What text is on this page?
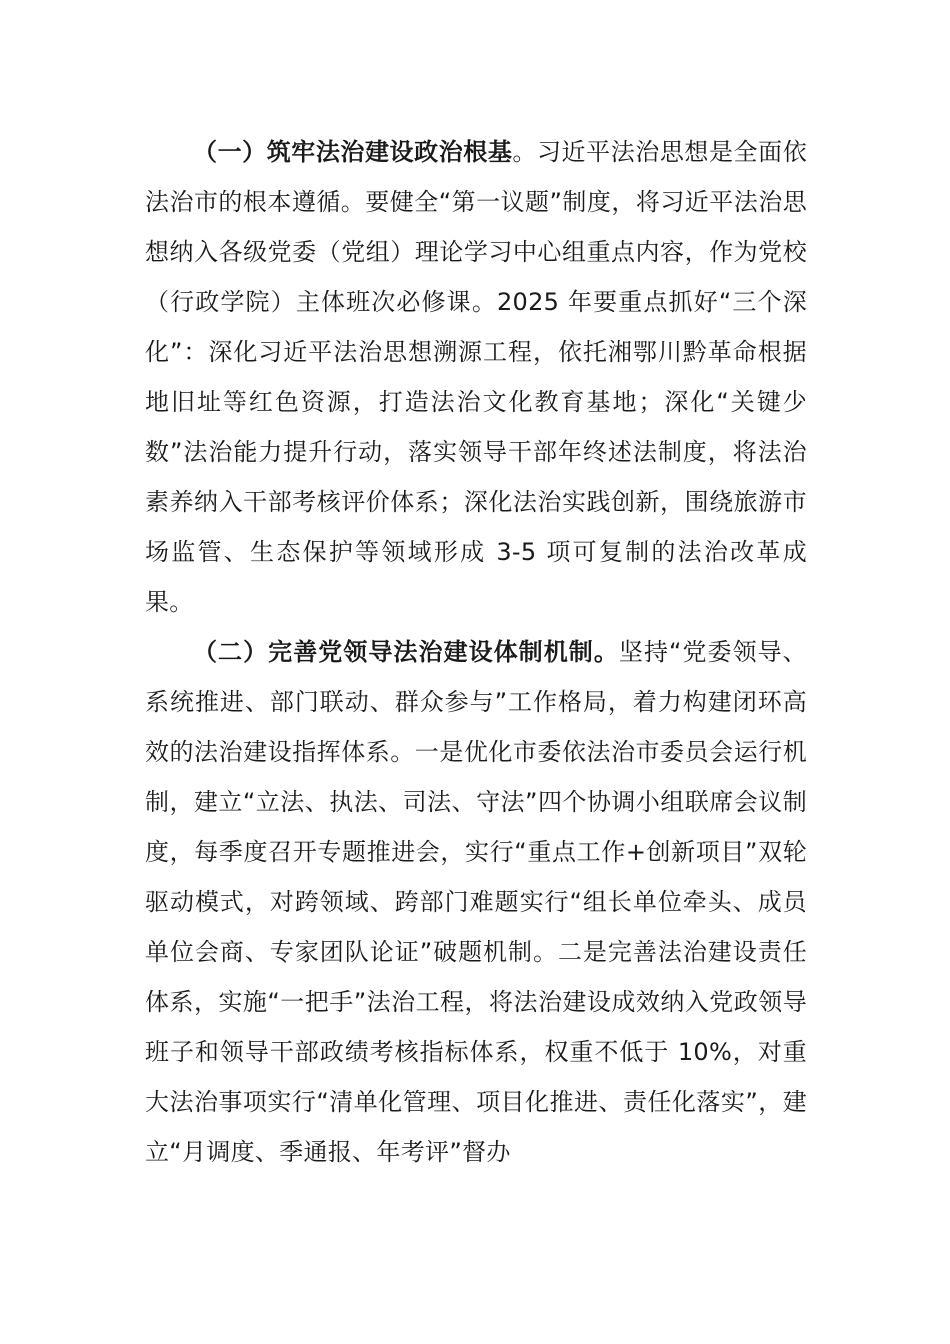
（一）筑牢法治建设政治根基。习近平法治思想是全面依法治市的根本遵循。要健全“第一议题”制度，将习近平法治思想纳入各级党委（党组）理论学习中心组重点内容，作为党校（行政学院）主体班次必修课。2025 年要重点抓好“三个深化”：深化习近平法治思想溯源工程，依托湘鄂川黔革命根据地旧址等红色资源，打造法治文化教育基地；深化“关键少数”法治能力提升行动，落实领导干部年终述法制度，将法治素养纳入干部考核评价体系；深化法治实践创新，围绕旅游市场监管、生态保护等领域形成 3-5 项可复制的法治改革成果。

（二）完善党领导法治建设体制机制。坚持“党委领导、系统推进、部门联动、群众参与”工作格局，着力构建闭环高效的法治建设指挥体系。一是优化市委依法治市委员会运行机制，建立“立法、执法、司法、守法”四个协调小组联席会议制度，每季度召开专题推进会，实行“重点工作+创新项目”双轮驱动模式，对跨领域、跨部门难题实行“组长单位牵头、成员单位会商、专家团队论证”破题机制。二是完善法治建设责任体系，实施“一把手”法治工程，将法治建设成效纳入党政领导班子和领导干部政绩考核指标体系，权重不低于 10%，对重大法治事项实行“清单化管理、项目化推进、责任化落实”，建立“月调度、季通报、年考评”督办
